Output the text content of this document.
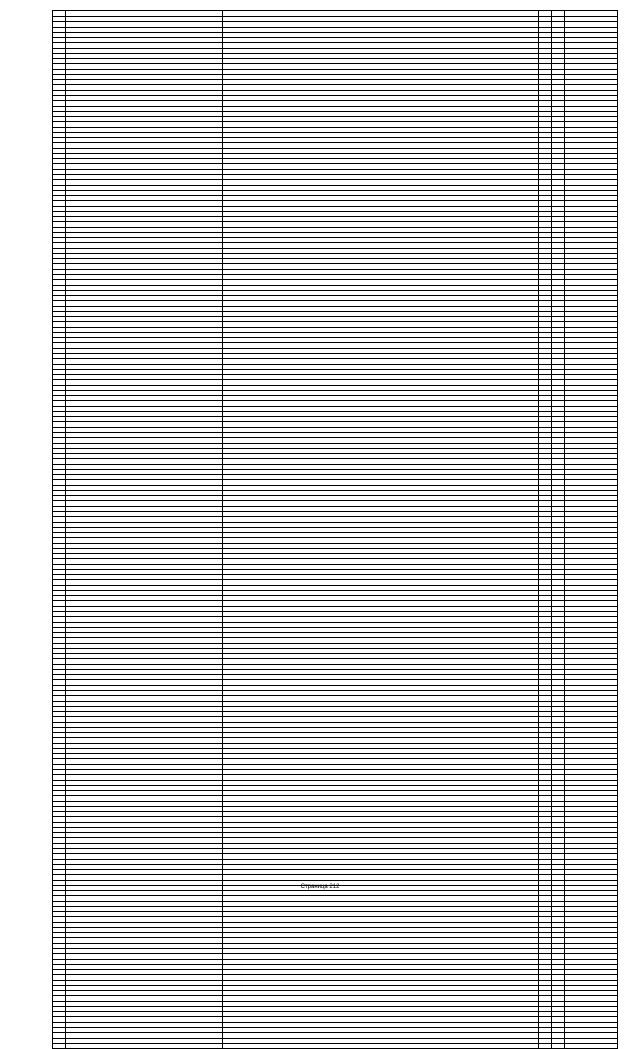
Страница 212
